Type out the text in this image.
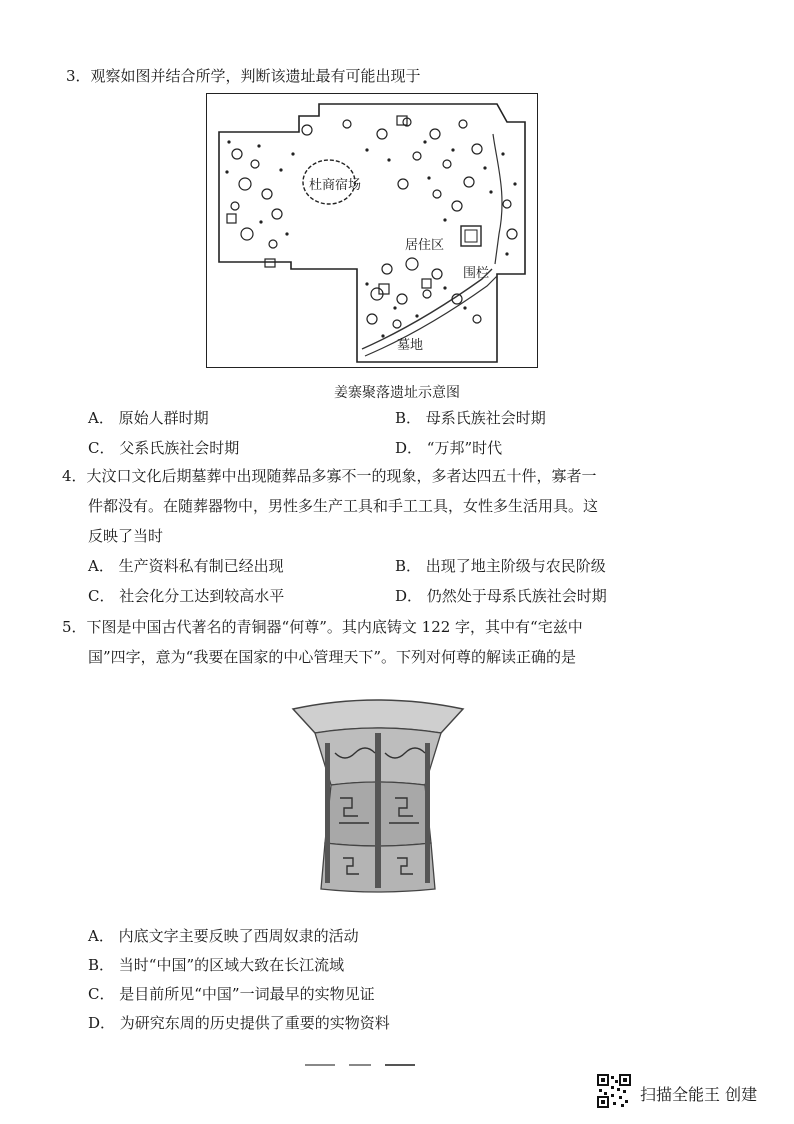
3．观察如图并结合所学，判断该遗址最有可能出现于
杜商宿场
居住区
围栏
墓地
姜寨聚落遗址示意图
A． 原始人群时期	B． 母系氏族社会时期
C． 父系氏族社会时期	D． “万邦”时代
4．大汶口文化后期墓葬中出现随葬品多寡不一的现象，多者达四五十件，寡者一
件都没有。在随葬器物中，男性多生产工具和手工工具，女性多生活用具。这
反映了当时
A． 生产资料私有制已经出现	B． 出现了地主阶级与农民阶级
C． 社会化分工达到较高水平	D． 仍然处于母系氏族社会时期
5．下图是中国古代著名的青铜器“何尊”。其内底铸文 122 字，其中有“宅兹中
国”四字，意为“我要在国家的中心管理天下”。下列对何尊的解读正确的是
A． 内底文字主要反映了西周奴隶的活动
B． 当时“中国”的区域大致在长江流域
C． 是目前所见“中国”一词最早的实物见证
D． 为研究东周的历史提供了重要的实物资料
扫描全能王 创建
